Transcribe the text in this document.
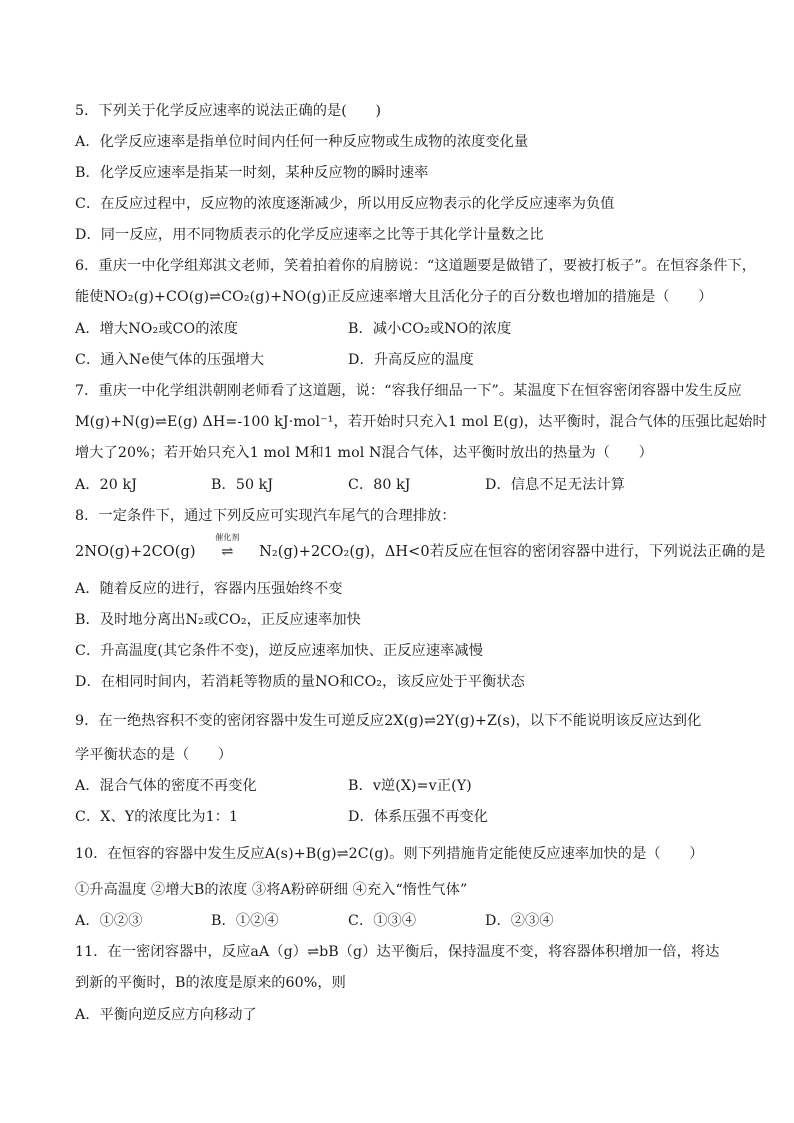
5．下列关于化学反应速率的说法正确的是(　　)
A．化学反应速率是指单位时间内任何一种反应物或生成物的浓度变化量
B．化学反应速率是指某一时刻，某种反应物的瞬时速率
C．在反应过程中，反应物的浓度逐渐减少，所以用反应物表示的化学反应速率为负值
D．同一反应，用不同物质表示的化学反应速率之比等于其化学计量数之比
6．重庆一中化学组郑淇文老师，笑着拍着你的肩膀说：“这道题要是做错了，要被打板子”。在恒容条件下，
能使NO₂(g)+CO(g)⇌CO₂(g)+NO(g)正反应速率增大且活化分子的百分数也增加的措施是（　　）
A．增大NO₂或CO的浓度	B．减小CO₂或NO的浓度
C．通入Ne使气体的压强增大	D．升高反应的温度
7．重庆一中化学组洪朝刚老师看了这道题，说：“容我仔细品一下”。某温度下在恒容密闭容器中发生反应
M(g)+N(g)⇌E(g) ΔH=-100 kJ·mol⁻¹，若开始时只充入1 mol E(g)，达平衡时，混合气体的压强比起始时
增大了20%；若开始只充入1 mol M和1 mol N混合气体，达平衡时放出的热量为（　　）
A．20 kJ	B．50 kJ	C．80 kJ	D．信息不足无法计算
8．一定条件下，通过下列反应可实现汽车尾气的合理排放：
2NO(g)+2CO(g)
催化剂
⇌ N₂(g)+2CO₂(g)，ΔH<0若反应在恒容的密闭容器中进行，下列说法正确的是
A．随着反应的进行，容器内压强始终不变
B．及时地分离出N₂或CO₂，正反应速率加快
C．升高温度(其它条件不变)，逆反应速率加快、正反应速率减慢
D．在相同时间内，若消耗等物质的量NO和CO₂，该反应处于平衡状态
9．在一绝热容积不变的密闭容器中发生可逆反应2X(g)⇌2Y(g)+Z(s)，以下不能说明该反应达到化
学平衡状态的是（　　）
A．混合气体的密度不再变化	B．v逆(X)=v正(Y)
C．X、Y的浓度比为1：1	D．体系压强不再变化
10．在恒容的容器中发生反应A(s)+B(g)⇌2C(g)。则下列措施肯定能使反应速率加快的是（　　）
①升高温度 ②增大B的浓度 ③将A粉碎研细 ④充入“惰性气体”
A．①②③	B．①②④	C．①③④	D．②③④
11．在一密闭容器中，反应aA（g）⇌bB（g）达平衡后，保持温度不变，将容器体积增加一倍，将达
到新的平衡时，B的浓度是原来的60%，则
A．平衡向逆反应方向移动了
